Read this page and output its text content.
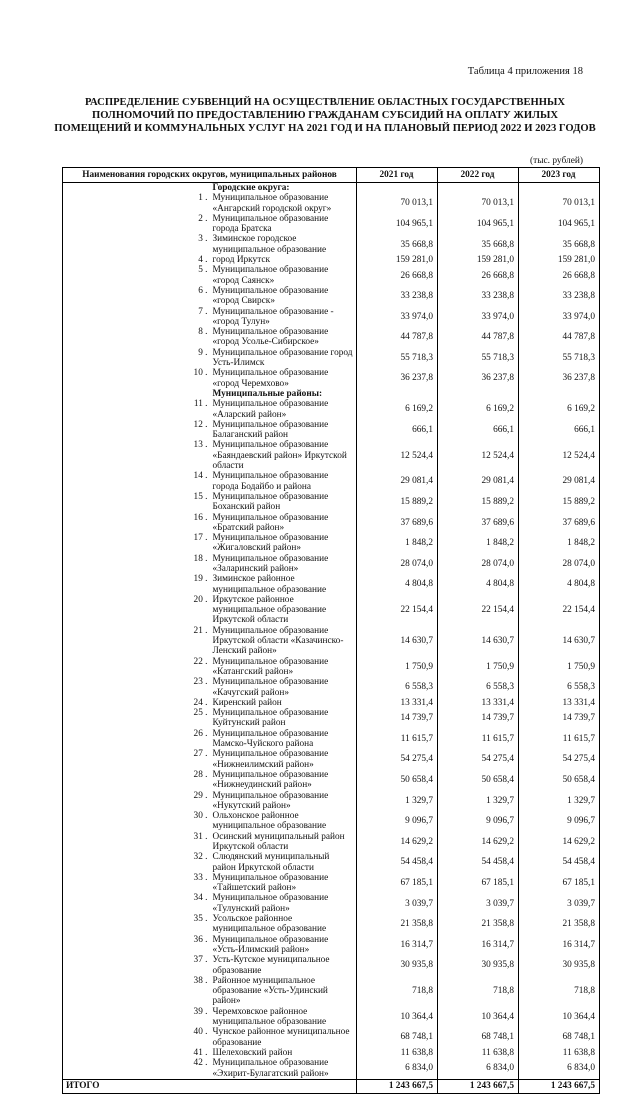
Таблица 4 приложения 18
РАСПРЕДЕЛЕНИЕ СУБВЕНЦИЙ НА ОСУЩЕСТВЛЕНИЕ ОБЛАСТНЫХ ГОСУДАРСТВЕННЫХ
ПОЛНОМОЧИЙ ПО ПРЕДОСТАВЛЕНИЮ ГРАЖДАНАМ СУБСИДИЙ НА ОПЛАТУ ЖИЛЫХ
ПОМЕЩЕНИЙ И КОММУНАЛЬНЫХ УСЛУГ НА 2021 ГОД И НА ПЛАНОВЫЙ ПЕРИОД 2022 И 2023 ГОДОВ
(тыс. рублей)
Наименования городских округов, муниципальных районов		2021 год	2022 год	2023 год
	Городские округа:			
1 .	Муниципальное образование «Ангарский городской округ»	70 013,1	70 013,1	70 013,1
2 .	Муниципальное образование города Братска	104 965,1	104 965,1	104 965,1
3 .	Зиминское городское муниципальное образование	35 668,8	35 668,8	35 668,8
4 .	город Иркутск	159 281,0	159 281,0	159 281,0
5 .	Муниципальное образование «город Саянск»	26 668,8	26 668,8	26 668,8
6 .	Муниципальное образование «город Свирск»	33 238,8	33 238,8	33 238,8
7 .	Муниципальное образование - «город Тулун»	33 974,0	33 974,0	33 974,0
8 .	Муниципальное образование «город Усолье-Сибирское»	44 787,8	44 787,8	44 787,8
9 .	Муниципальное образование город Усть-Илимск	55 718,3	55 718,3	55 718,3
10 .	Муниципальное образование «город Черемхово»	36 237,8	36 237,8	36 237,8
	Муниципальные районы:			
11 .	Муниципальное образование «Аларский район»	6 169,2	6 169,2	6 169,2
12 .	Муниципальное образование Балаганский район	666,1	666,1	666,1
13 .	Муниципальное образование «Баяндаевский район» Иркутской области	12 524,4	12 524,4	12 524,4
14 .	Муниципальное образование города Бодайбо и района	29 081,4	29 081,4	29 081,4
15 .	Муниципальное образование Боханский район	15 889,2	15 889,2	15 889,2
16 .	Муниципальное образование «Братский район»	37 689,6	37 689,6	37 689,6
17 .	Муниципальное образование «Жигаловский район»	1 848,2	1 848,2	1 848,2
18 .	Муниципальное образование «Заларинский район»	28 074,0	28 074,0	28 074,0
19 .	Зиминское районное муниципальное образование	4 804,8	4 804,8	4 804,8
20 .	Иркутское районное муниципальное образование Иркутской области	22 154,4	22 154,4	22 154,4
21 .	Муниципальное образование Иркутской области «Казачинско-Ленский район»	14 630,7	14 630,7	14 630,7
22 .	Муниципальное образование «Катангский район»	1 750,9	1 750,9	1 750,9
23 .	Муниципальное образование «Качугский район»	6 558,3	6 558,3	6 558,3
24 .	Киренский район	13 331,4	13 331,4	13 331,4
25 .	Муниципальное образование Куйтунский район	14 739,7	14 739,7	14 739,7
26 .	Муниципальное образование Мамско-Чуйского района	11 615,7	11 615,7	11 615,7
27 .	Муниципальное образование «Нижнеилимский район»	54 275,4	54 275,4	54 275,4
28 .	Муниципальное образование «Нижнеудинский район»	50 658,4	50 658,4	50 658,4
29 .	Муниципальное образование «Нукутский район»	1 329,7	1 329,7	1 329,7
30 .	Ольхонское районное муниципальное образование	9 096,7	9 096,7	9 096,7
31 .	Осинский муниципальный район Иркутской области	14 629,2	14 629,2	14 629,2
32 .	Слюдянский муниципальный район Иркутской области	54 458,4	54 458,4	54 458,4
33 .	Муниципальное образование «Тайшетский район»	67 185,1	67 185,1	67 185,1
34 .	Муниципальное образование «Тулунский район»	3 039,7	3 039,7	3 039,7
35 .	Усольское районное муниципальное образование	21 358,8	21 358,8	21 358,8
36 .	Муниципальное образование «Усть-Илимский район»	16 314,7	16 314,7	16 314,7
37 .	Усть-Кутское муниципальное образование	30 935,8	30 935,8	30 935,8
38 .	Районное муниципальное образование «Усть-Удинский район»	718,8	718,8	718,8
39 .	Черемховское районное муниципальное образование	10 364,4	10 364,4	10 364,4
40 .	Чунское районное муниципальное образование	68 748,1	68 748,1	68 748,1
41 .	Шелеховский район	11 638,8	11 638,8	11 638,8
42 .	Муниципальное образование «Эхирит-Булагатский район»	6 834,0	6 834,0	6 834,0
ИТОГО		1 243 667,5	1 243 667,5	1 243 667,5
